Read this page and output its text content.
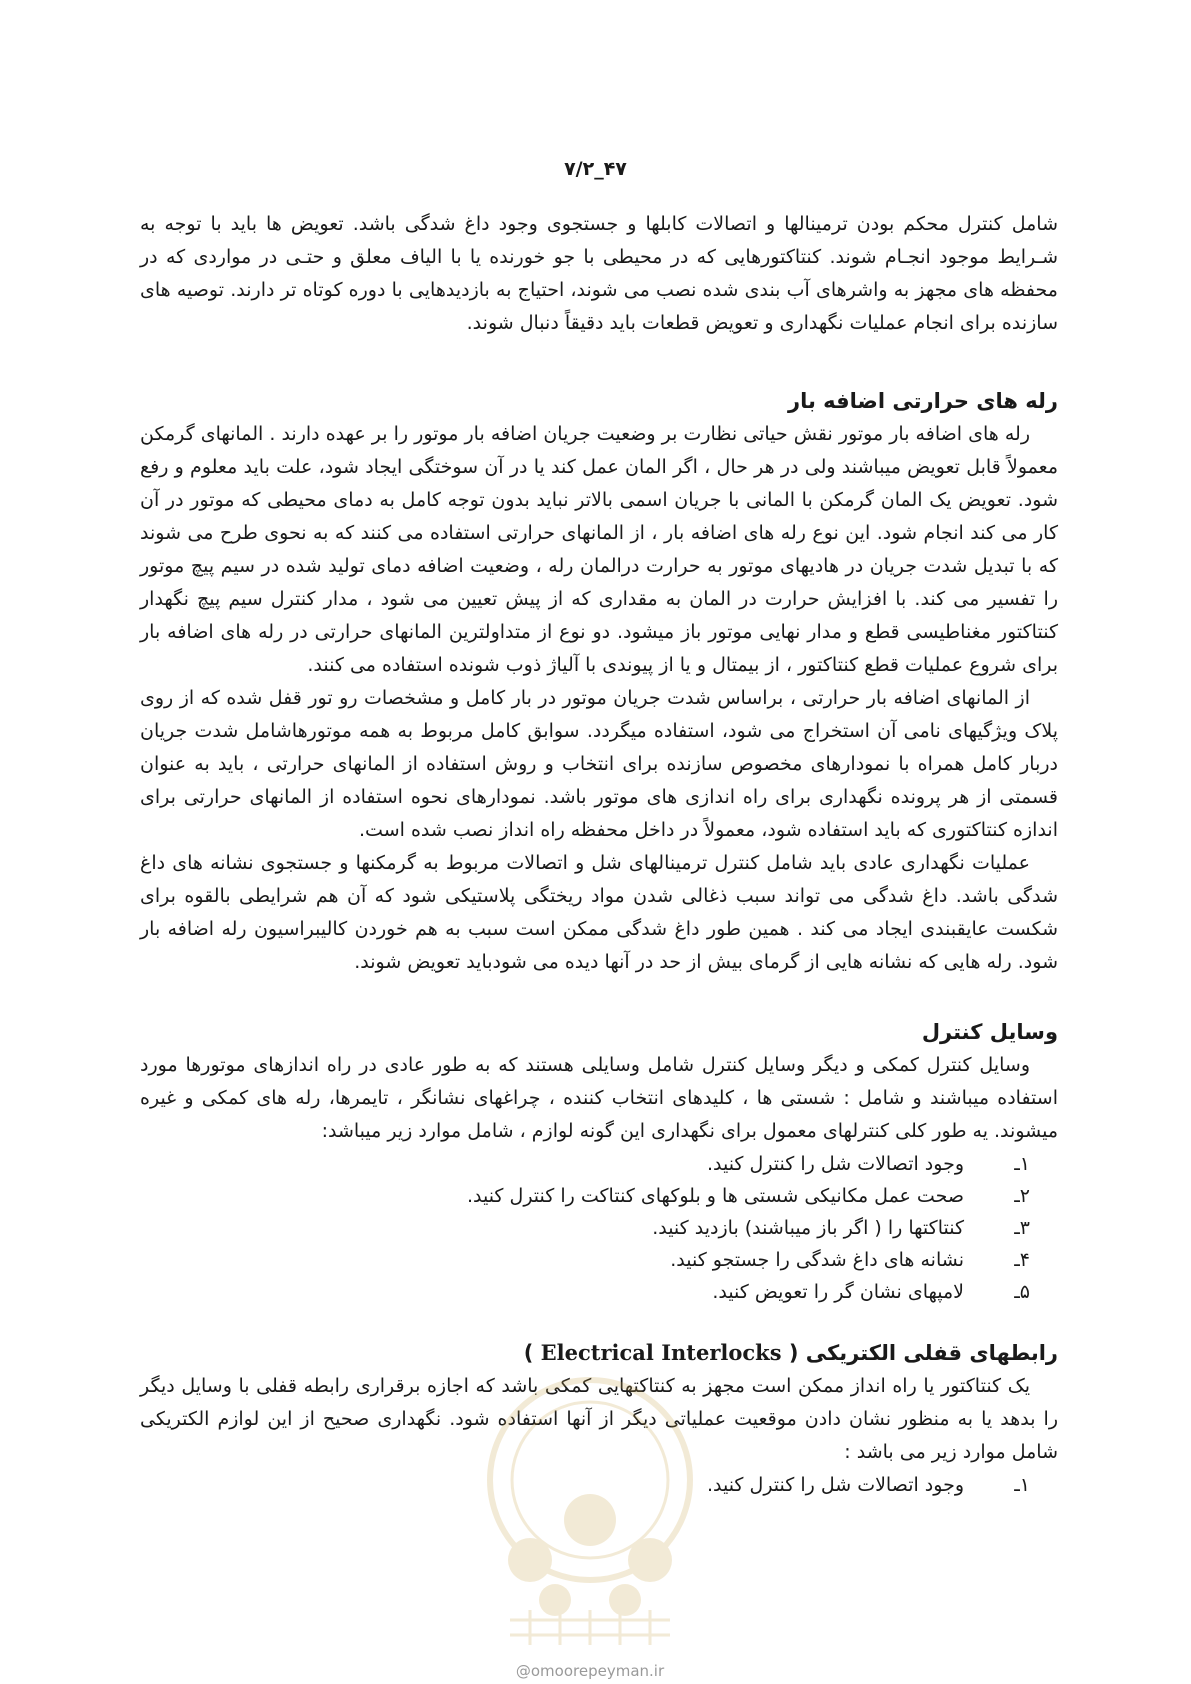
۷/۲_۴۷

شامل کنترل محکم بودن ترمینالها و اتصالات کابلها و جستجوی وجود داغ شدگی باشد. تعویض ها باید با توجه به شـرایط موجود انجـام شوند. کنتاکتورهایی که در محیطی با جو خورنده یا با الیاف معلق و حتـی در مواردی که در محفظه های مجهز به واشرهای آب بندی شده نصب می شوند، احتیاج به بازدیدهایی با دوره کوتاه تر دارند. توصیه های سازنده برای انجام عملیات نگهداری و تعویض قطعات باید دقیقاً دنبال شوند.

رله های حرارتی اضافه بار

رله های اضافه بار موتور نقش حیاتی نظارت بر وضعیت جریان اضافه بار موتور را بر عهده دارند . المانهای گرمکن معمولاً قابل تعویض میباشند ولی در هر حال ، اگر المان عمل کند یا در آن سوختگی ایجاد شود، علت باید معلوم و رفع شود. تعویض یک المان گرمکن با المانی با جریان اسمی بالاتر نباید بدون توجه کامل به دمای محیطی که موتور در آن کار می کند انجام شود. این نوع رله های اضافه بار ، از المانهای حرارتی استفاده می کنند که به نحوی طرح می شوند که با تبدیل شدت جریان در هادیهای موتور به حرارت درالمان رله ، وضعیت اضافه دمای تولید شده در سیم پیچ موتور را تفسیر می کند. با افزایش حرارت در المان به مقداری که از پیش تعیین می شود ، مدار کنترل سیم پیچ نگهدار کنتاکتور مغناطیسی قطع و مدار نهایی موتور باز میشود. دو نوع از متداولترین المانهای حرارتی در رله های اضافه بار برای شروع عملیات قطع کنتاکتور ، از بیمتال و یا از پیوندی با آلیاژ ذوب شونده استفاده می کنند.

از المانهای اضافه بار حرارتی ، براساس شدت جریان موتور در بار کامل و مشخصات رو تور قفل شده که از روی پلاک ویژگیهای نامی آن استخراج می شود، استفاده میگردد. سوابق کامل مربوط به همه موتورهاشامل شدت جریان دربار کامل همراه با نمودارهای مخصوص سازنده برای انتخاب و روش استفاده از المانهای حرارتی ، باید به عنوان قسمتی از هر پرونده نگهداری برای راه اندازی های موتور باشد. نمودارهای نحوه استفاده از المانهای حرارتی برای اندازه کنتاکتوری که باید استفاده شود، معمولاً در داخل محفظه راه انداز نصب شده است.

عملیات نگهداری عادی باید شامل کنترل ترمینالهای شل و اتصالات مربوط به گرمکنها و جستجوی نشانه های داغ شدگی باشد. داغ شدگی می تواند سبب ذغالی شدن مواد ریختگی پلاستیکی شود که آن هم شرایطی بالقوه برای شکست عایقبندی ایجاد می کند . همین طور داغ شدگی ممکن است سبب به هم خوردن کالیبراسیون رله اضافه بار شود. رله هایی که نشانه هایی از گرمای بیش از حد در آنها دیده می شودباید تعویض شوند.

وسایل کنترل

وسایل کنترل کمکی و دیگر وسایل کنترل شامل وسایلی هستند که به طور عادی در راه اندازهای موتورها مورد استفاده میباشند و شامل : شستی ها ، کلیدهای انتخاب کننده ، چراغهای نشانگر ، تایمرها، رله های کمکی و غیره میشوند. یه طور کلی کنترلهای معمول برای نگهداری این گونه لوازم ، شامل موارد زیر میباشد:

۱ـ
وجود اتصالات شل را کنترل کنید.
۲ـ
صحت عمل مکانیکی شستی ها و بلوکهای کنتاکت را کنترل کنید.
۳ـ
کنتاکتها را ( اگر باز میباشند) بازدید کنید.
۴ـ
نشانه های داغ شدگی را جستجو کنید.
۵ـ
لامپهای نشان گر را تعویض کنید.
رابطهای قفلی الکتریکی ( Electrical Interlocks )

یک کنتاکتور یا راه انداز ممکن است مجهز به کنتاکتهایی کمکی باشد که اجازه برقراری رابطه قفلی با وسایل دیگر را بدهد یا به منظور نشان دادن موقعیت عملیاتی دیگر از آنها استفاده شود. نگهداری صحیح از این لوازم الکتریکی شامل موارد زیر می باشد :

۱ـ
وجود اتصالات شل را کنترل کنید.
@omoorepeyman.ir
